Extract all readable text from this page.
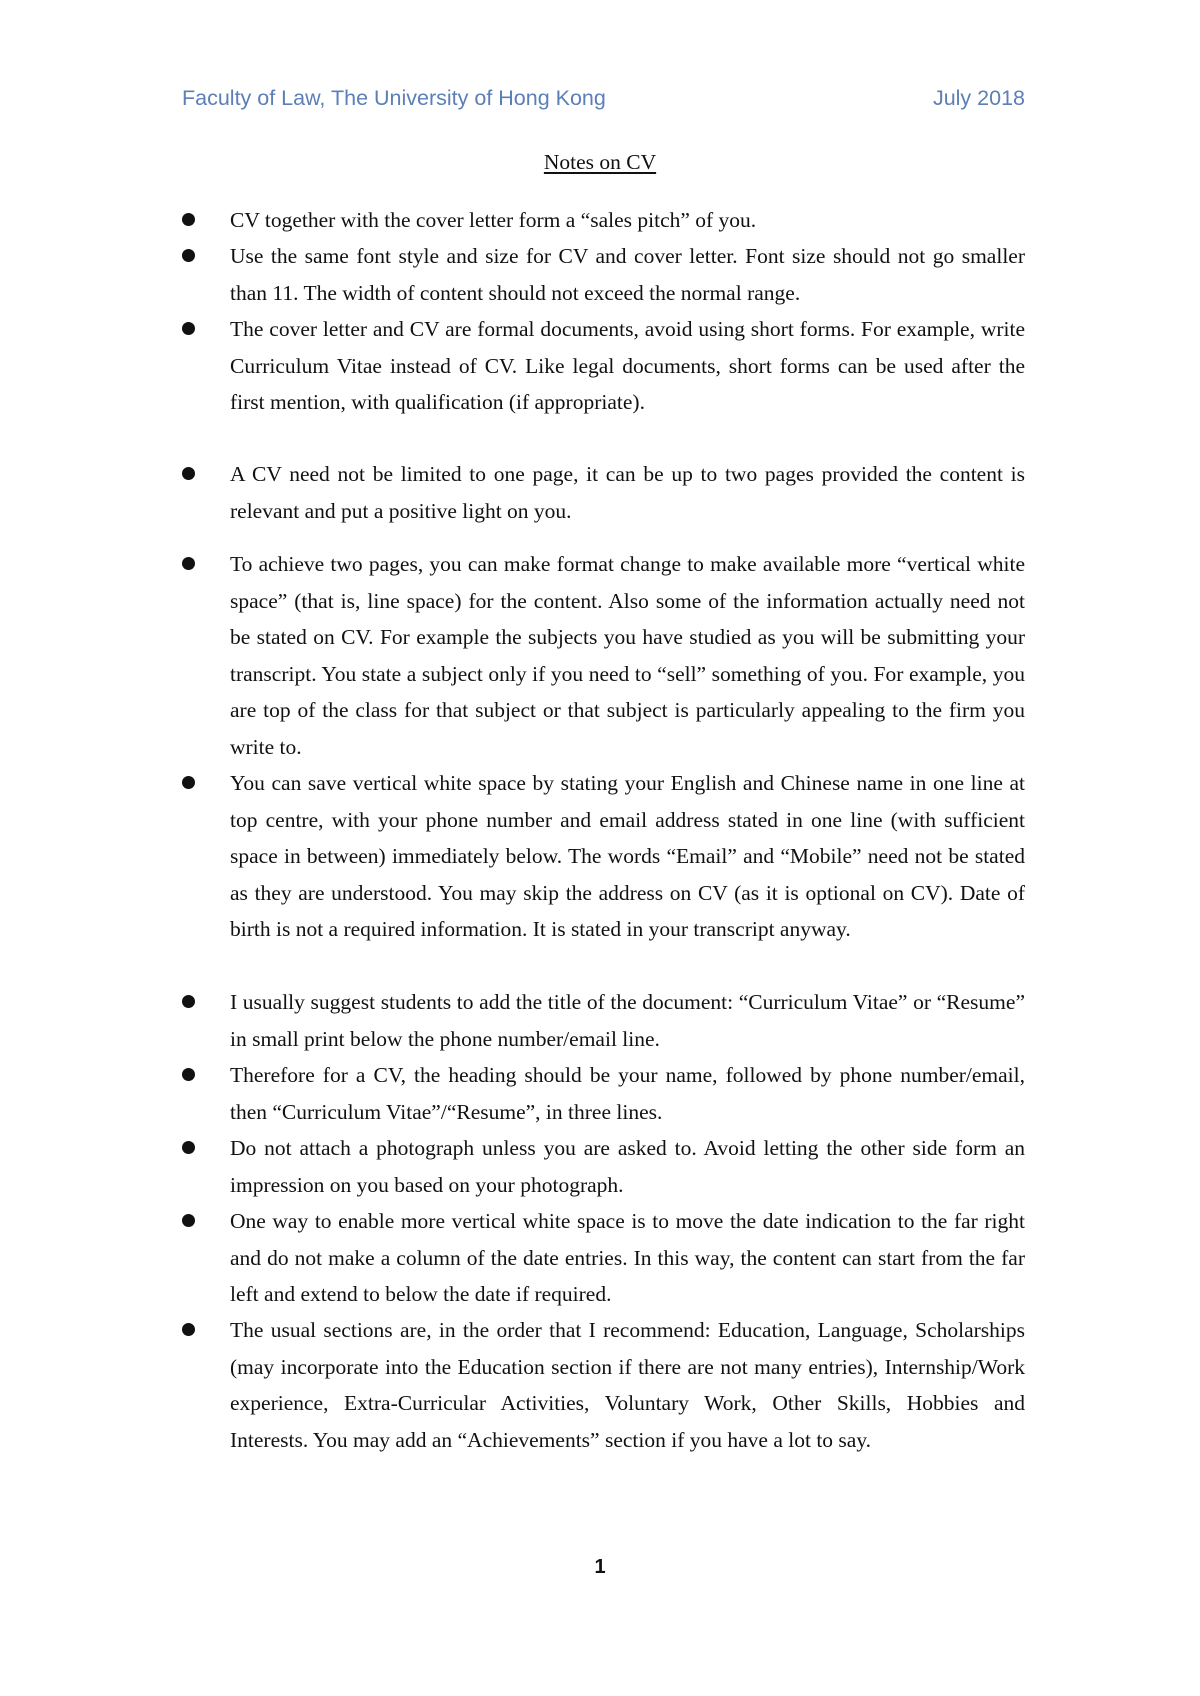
Faculty of Law, The University of Hong Kong	July 2018
Notes on CV
CV together with the cover letter form a “sales pitch” of you.
Use the same font style and size for CV and cover letter. Font size should not go smaller than 11. The width of content should not exceed the normal range.
The cover letter and CV are formal documents, avoid using short forms. For example, write Curriculum Vitae instead of CV. Like legal documents, short forms can be used after the first mention, with qualification (if appropriate).
A CV need not be limited to one page, it can be up to two pages provided the content is relevant and put a positive light on you.
To achieve two pages, you can make format change to make available more “vertical white space” (that is, line space) for the content. Also some of the information actually need not be stated on CV. For example the subjects you have studied as you will be submitting your transcript. You state a subject only if you need to “sell” something of you. For example, you are top of the class for that subject or that subject is particularly appealing to the firm you write to.
You can save vertical white space by stating your English and Chinese name in one line at top centre, with your phone number and email address stated in one line (with sufficient space in between) immediately below. The words “Email” and “Mobile” need not be stated as they are understood. You may skip the address on CV (as it is optional on CV). Date of birth is not a required information. It is stated in your transcript anyway.
I usually suggest students to add the title of the document: “Curriculum Vitae” or “Resume” in small print below the phone number/email line.
Therefore for a CV, the heading should be your name, followed by phone number/email, then “Curriculum Vitae”/“Resume”, in three lines.
Do not attach a photograph unless you are asked to. Avoid letting the other side form an impression on you based on your photograph.
One way to enable more vertical white space is to move the date indication to the far right and do not make a column of the date entries. In this way, the content can start from the far left and extend to below the date if required.
The usual sections are, in the order that I recommend: Education, Language, Scholarships (may incorporate into the Education section if there are not many entries), Internship/Work experience, Extra-Curricular Activities, Voluntary Work, Other Skills, Hobbies and Interests. You may add an “Achievements” section if you have a lot to say.
1
